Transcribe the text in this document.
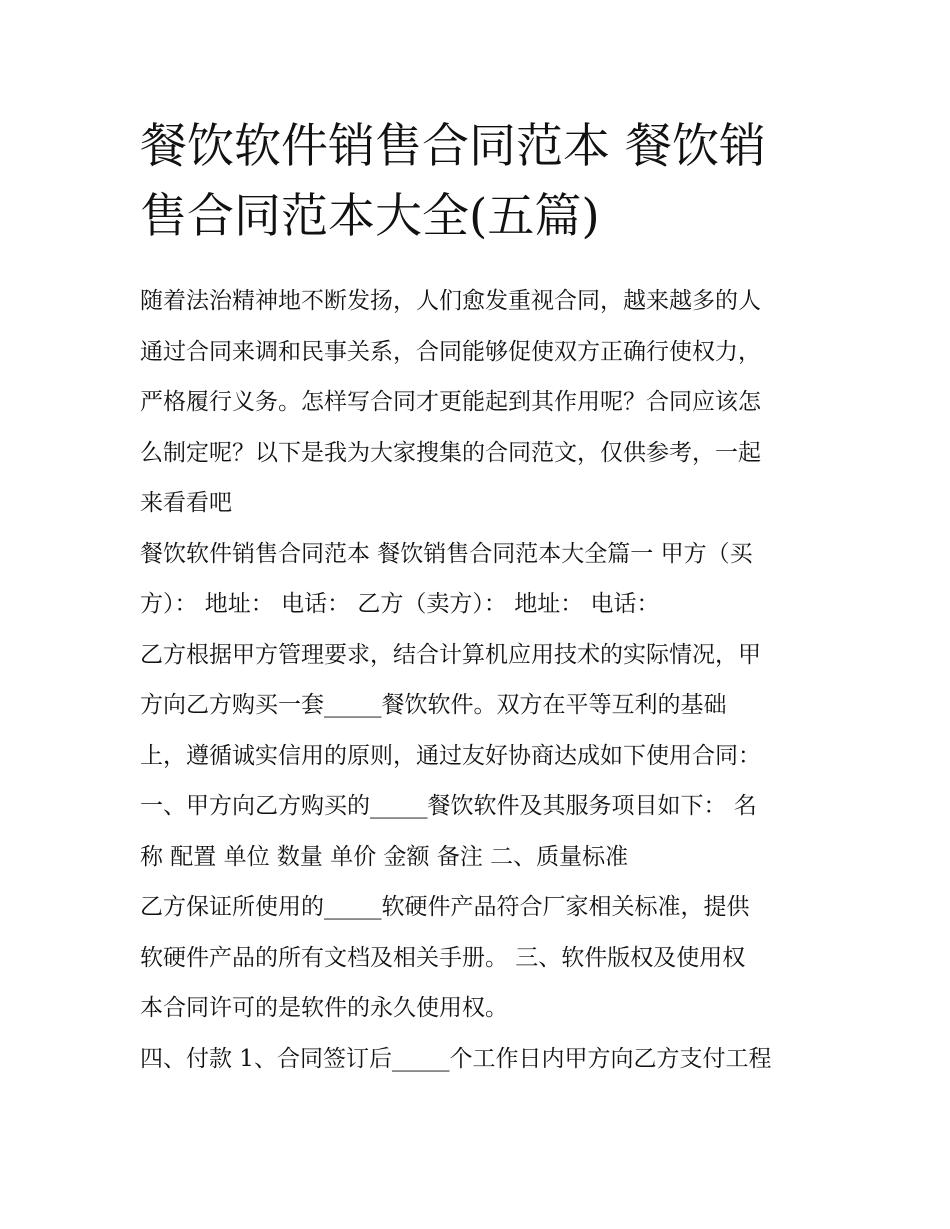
餐饮软件销售合同范本 餐饮销
售合同范本大全(五篇)
随着法治精神地不断发扬，人们愈发重视合同，越来越多的人
通过合同来调和民事关系，合同能够促使双方正确行使权力，
严格履行义务。怎样写合同才更能起到其作用呢？合同应该怎
么制定呢？以下是我为大家搜集的合同范文，仅供参考，一起
来看看吧
餐饮软件销售合同范本 餐饮销售合同范本大全篇一 甲方（买
方）： 地址： 电话： 乙方（卖方）： 地址： 电话：
乙方根据甲方管理要求，结合计算机应用技术的实际情况，甲
方向乙方购买一套_____餐饮软件。双方在平等互利的基础
上，遵循诚实信用的原则，通过友好协商达成如下使用合同：
一、甲方向乙方购买的_____餐饮软件及其服务项目如下： 名
称 配置 单位 数量 单价 金额 备注 二、质量标准
乙方保证所使用的_____软硬件产品符合厂家相关标准，提供
软硬件产品的所有文档及相关手册。 三、软件版权及使用权
本合同许可的是软件的永久使用权。
四、付款 1、合同签订后_____个工作日内甲方向乙方支付工程
